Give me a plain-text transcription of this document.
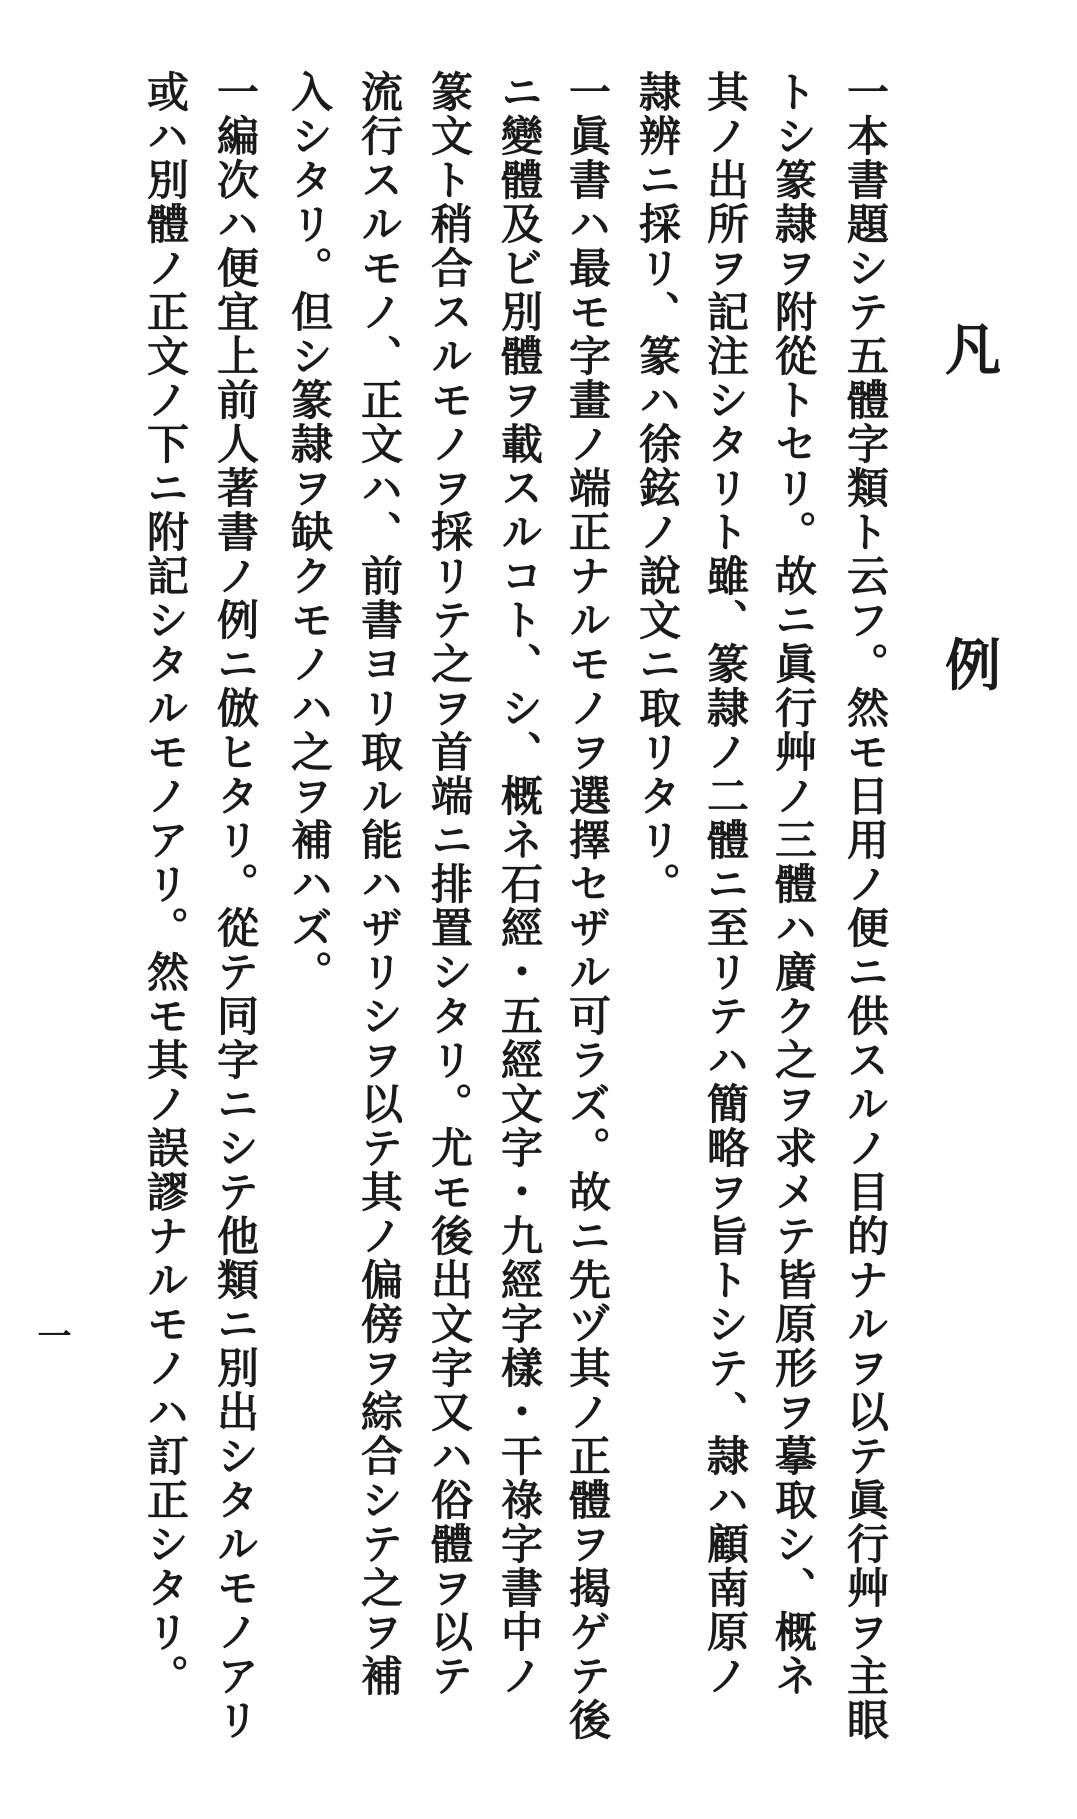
凡 例
一本書題シテ五體字類ト云フ。然モ日用ノ便ニ供スルノ目的ナルヲ以テ眞行艸ヲ主眼
トシ篆隷ヲ附從トセリ。故ニ眞行艸ノ三體ハ廣ク之ヲ求メテ皆原形ヲ摹取シ、概ネ
其ノ出所ヲ記注シタリト雖、篆隷ノ二體ニ至リテハ簡略ヲ旨トシテ、隷ハ顧南原ノ
隷辨ニ採リ、篆ハ徐鉉ノ說文ニ取リタリ。
一眞書ハ最モ字畫ノ端正ナルモノヲ選擇セザル可ラズ。故ニ先ヅ其ノ正體ヲ揭ゲテ後
ニ變體及ビ別體ヲ載スルコト、シ、概ネ石經・五經文字・九經字樣・干祿字書中ノ
篆文ト稍合スルモノヲ採リテ之ヲ首端ニ排置シタリ。尤モ後出文字又ハ俗體ヲ以テ
流行スルモノ、正文ハ、前書ヨリ取ル能ハザリシヲ以テ其ノ偏傍ヲ綜合シテ之ヲ補
入シタリ。但シ篆隷ヲ缺クモノハ之ヲ補ハズ。
一編次ハ便宜上前人著書ノ例ニ倣ヒタリ。從テ同字ニシテ他類ニ別出シタルモノアリ
或ハ別體ノ正文ノ下ニ附記シタルモノアリ。然モ其ノ誤謬ナルモノハ訂正シタリ。
一
